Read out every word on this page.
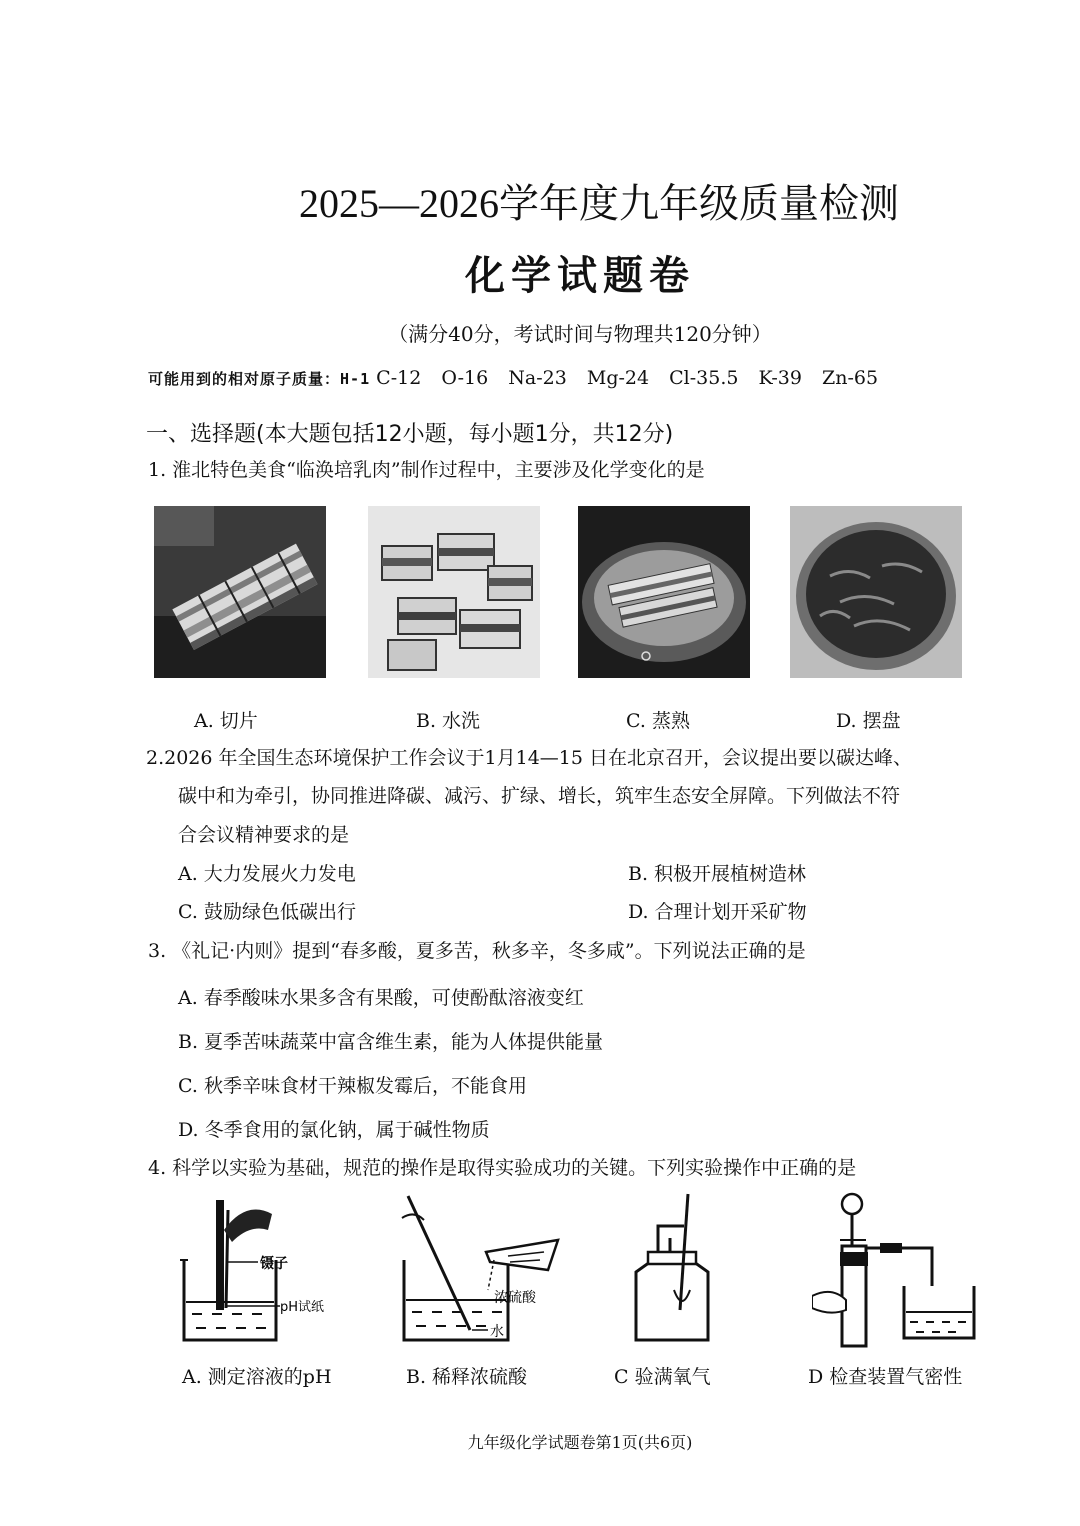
2025—2026学年度九年级质量检测
化学试题卷
（满分40分，考试时间与物理共120分钟）
可能用到的相对原子质量：H-1 C-12 O-16 Na-23 Mg-24 Cl-35.5 K-39 Zn-65
一、选择题(本大题包括12小题，每小题1分，共12分)
1. 淮北特色美食“临涣培乳肉”制作过程中，主要涉及化学变化的是
A. 切片	B. 水洗	C. 蒸熟	D. 摆盘
2.2026 年全国生态环境保护工作会议于1月14—15 日在北京召开，会议提出要以碳达峰、
碳中和为牵引，协同推进降碳、减污、扩绿、增长，筑牢生态安全屏障。下列做法不符
合会议精神要求的是
A. 大力发展火力发电	B. 积极开展植树造林
C. 鼓励绿色低碳出行	D. 合理计划开采矿物
3. 《礼记·内则》提到“春多酸，夏多苦，秋多辛，冬多咸”。下列说法正确的是
A. 春季酸味水果多含有果酸，可使酚酞溶液变红
B. 夏季苦味蔬菜中富含维生素，能为人体提供能量
C. 秋季辛味食材干辣椒发霉后，不能食用
D. 冬季食用的氯化钠，属于碱性物质
4. 科学以实验为基础，规范的操作是取得实验成功的关键。下列实验操作中正确的是
镊子
pH试纸
浓硫酸
水
A. 测定溶液的pH	B. 稀释浓硫酸	C 验满氧气	D 检查装置气密性
九年级化学试题卷第1页(共6页)
